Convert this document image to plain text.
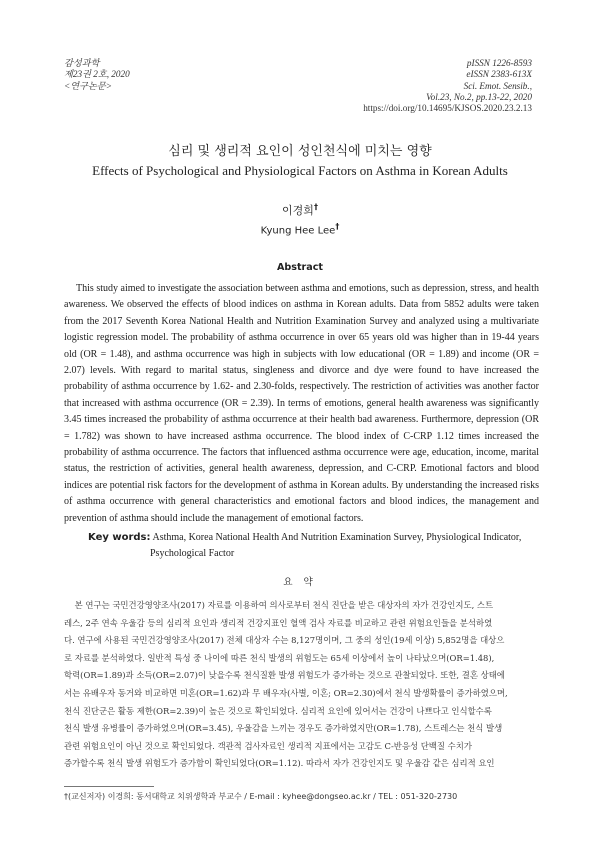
감성과학
제23권 2호, 2020
<연구논문>
pISSN 1226-8593
eISSN 2383-613X
Sci. Emot. Sensib.,
Vol.23, No.2, pp.13-22, 2020
https://doi.org/10.14695/KJSOS.2020.23.2.13
심리 및 생리적 요인이 성인천식에 미치는 영향
Effects of Psychological and Physiological Factors on Asthma in Korean Adults
이경희†
Kyung Hee Lee†
Abstract

This study aimed to investigate the association between asthma and emotions, such as depression, stress, and health awareness. We observed the effects of blood indices on asthma in Korean adults. Data from 5852 adults were taken from the 2017 Seventh Korea National Health and Nutrition Examination Survey and analyzed using a multivariate logistic regression model. The probability of asthma occurrence in over 65 years old was higher than in 19-44 years old (OR = 1.48), and asthma occurrence was high in subjects with low educational (OR = 1.89) and income (OR = 2.07) levels. With regard to marital status, singleness and divorce and dye were found to have increased the probability of asthma occurrence by 1.62- and 2.30-folds, respectively. The restriction of activities was another factor that increased with asthma occurrence (OR = 2.39). In terms of emotions, general health awareness was significantly 3.45 times increased the probability of asthma occurrence at their health bad awareness. Furthermore, depression (OR = 1.782) was shown to have increased asthma occurrence. The blood index of C-CRP 1.12 times increased the probability of asthma occurrence. The factors that influenced asthma occurrence were age, education, income, marital status, the restriction of activities, general health awareness, depression, and C-CRP. Emotional factors and blood indices are potential risk factors for the development of asthma in Korean adults. By understanding the increased risks of asthma occurrence with general characteristics and emotional factors and blood indices, the management and prevention of asthma should include the management of emotional factors.

Key words: Asthma, Korea National Health And Nutrition Examination Survey, Physiological Indicator,
Psychological Factor
요 약
본 연구는 국민건강영양조사(2017) 자료를 이용하여 의사로부터 천식 진단을 받은 대상자의 자가 건강인지도, 스트
레스, 2주 연속 우울감 등의 심리적 요인과 생리적 건강지표인 혈액 검사 자료를 비교하고 관련 위험요인들을 분석하였
다. 연구에 사용된 국민건강영양조사(2017) 전체 대상자 수는 8,127명이며, 그 중의 성인(19세 이상) 5,852명을 대상으
로 자료를 분석하였다. 일반적 특성 중 나이에 따른 천식 발생의 위험도는 65세 이상에서 높이 나타났으며(OR=1.48),
학력(OR=1.89)과 소득(OR=2.07)이 낮을수록 천식질환 발생 위험도가 증가하는 것으로 관찰되었다. 또한, 결혼 상태에
서는 유배우자 동거와 비교하면 미혼(OR=1.62)과 무 배우자(사별, 이혼; OR=2.30)에서 천식 발생확률이 증가하였으며,
천식 진단군은 활동 제한(OR=2.39)이 높은 것으로 확인되었다. 심리적 요인에 있어서는 건강이 나쁘다고 인식할수록
천식 발생 유병률이 증가하였으며(OR=3.45), 우울감을 느끼는 경우도 증가하였지만(OR=1.78), 스트레스는 천식 발생
관련 위험요인이 아닌 것으로 확인되었다. 객관적 검사자료인 생리적 지표에서는 고감도 C-반응성 단백질 수치가
증가할수록 천식 발생 위험도가 증가함이 확인되었다(OR=1.12). 따라서 자가 건강인지도 및 우울감 같은 심리적 요인
†(교신저자) 이경희: 동서대학교 치위생학과 부교수 / E-mail : kyhee@dongseo.ac.kr / TEL : 051-320-2730
